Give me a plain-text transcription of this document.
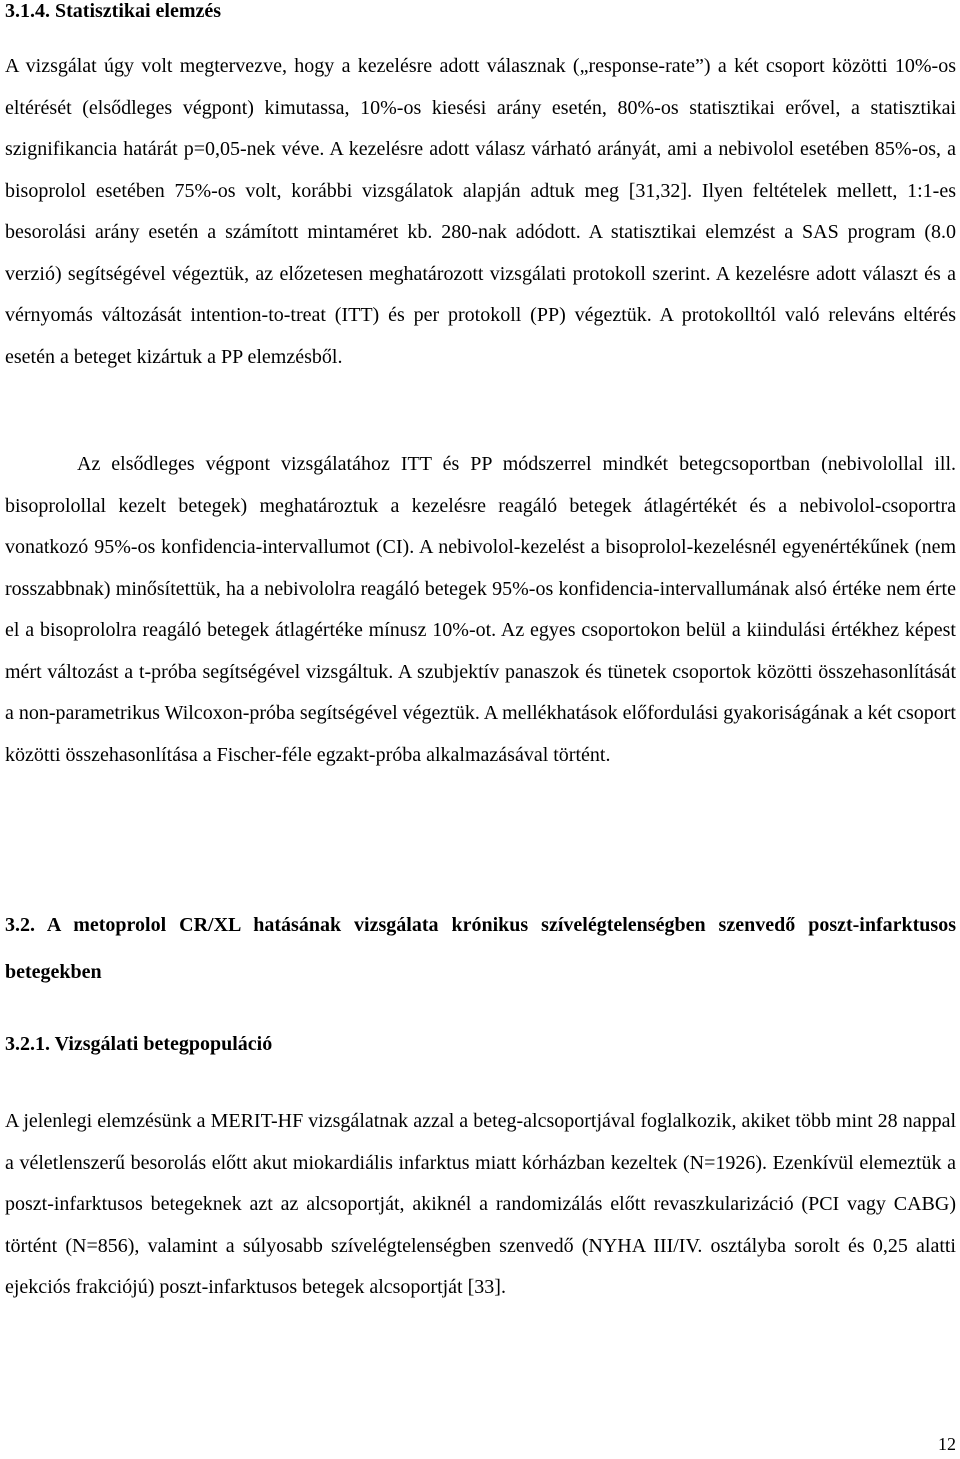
3.1.4. Statisztikai elemzés

A vizsgálat úgy volt megtervezve, hogy a kezelésre adott válasznak („response-rate”) a két csoport közötti 10%-os eltérését (elsődleges végpont) kimutassa, 10%-os kiesési arány esetén, 80%-os statisztikai erővel, a statisztikai szignifikancia határát p=0,05-nek véve. A kezelésre adott válasz várható arányát, ami a nebivolol esetében 85%-os, a bisoprolol esetében 75%-os volt, korábbi vizsgálatok alapján adtuk meg [31,32]. Ilyen feltételek mellett, 1:1-es besorolási arány esetén a számított mintaméret kb. 280-nak adódott. A statisztikai elemzést a SAS program (8.0 verzió) segítségével végeztük, az előzetesen meghatározott vizsgálati protokoll szerint. A kezelésre adott választ és a vérnyomás változását intention-to-treat (ITT) és per protokoll (PP) végeztük. A protokolltól való releváns eltérés esetén a beteget kizártuk a PP elemzésből.

Az elsődleges végpont vizsgálatához ITT és PP módszerrel mindkét betegcsoportban (nebivolollal ill. bisoprolollal kezelt betegek) meghatároztuk a kezelésre reagáló betegek átlagértékét és a nebivolol-csoportra vonatkozó 95%-os konfidencia-intervallumot (CI). A nebivolol-kezelést a bisoprolol-kezelésnél egyenértékűnek (nem rosszabbnak) minősítettük, ha a nebivololra reagáló betegek 95%-os konfidencia-intervallumának alsó értéke nem érte el a bisoprololra reagáló betegek átlagértéke mínusz 10%-ot. Az egyes csoportokon belül a kiindulási értékhez képest mért változást a t-próba segítségével vizsgáltuk. A szubjektív panaszok és tünetek csoportok közötti összehasonlítását a non-parametrikus Wilcoxon-próba segítségével végeztük. A mellékhatások előfordulási gyakoriságának a két csoport közötti összehasonlítása a Fischer-féle egzakt-próba alkalmazásával történt.

3.2. A metoprolol CR/XL hatásának vizsgálata krónikus szívelégtelenségben szenvedő poszt-infarktusos betegekben
3.2.1. Vizsgálati betegpopuláció

A jelenlegi elemzésünk a MERIT-HF vizsgálatnak azzal a beteg-alcsoportjával foglalkozik, akiket több mint 28 nappal a véletlenszerű besorolás előtt akut miokardiális infarktus miatt kórházban kezeltek (N=1926). Ezenkívül elemeztük a poszt-infarktusos betegeknek azt az alcsoportját, akiknél a randomizálás előtt revaszkularizáció (PCI vagy CABG) történt (N=856), valamint a súlyosabb szívelégtelenségben szenvedő (NYHA III/IV. osztályba sorolt és 0,25 alatti ejekciós frakciójú) poszt-infarktusos betegek alcsoportját [33].

12
